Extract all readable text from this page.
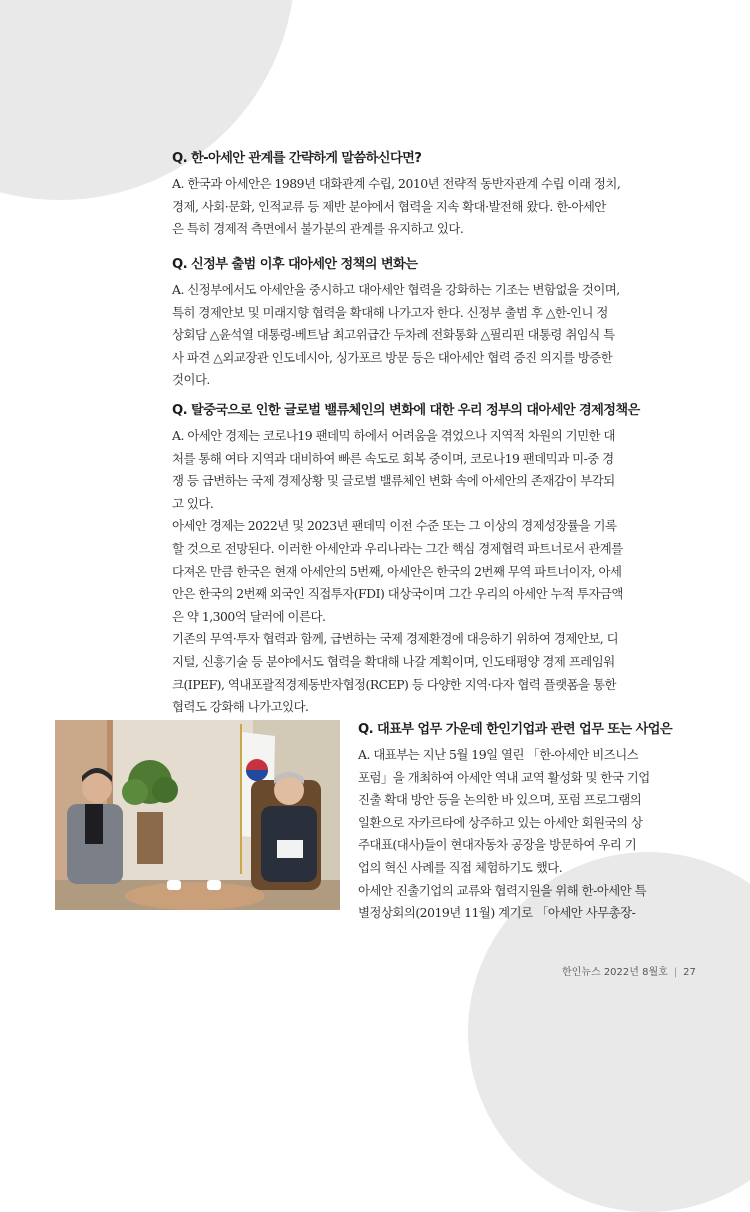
Q. 한-아세안 관계를 간략하게 말씀하신다면?

A. 한국과 아세안은 1989년 대화관계 수립, 2010년 전략적 동반자관계 수립 이래 정치,
경제, 사회·문화, 인적교류 등 제반 분야에서 협력을 지속 확대·발전해 왔다. 한-아세안
은 특히 경제적 측면에서 불가분의 관계를 유지하고 있다.

Q. 신정부 출범 이후 대아세안 정책의 변화는

A. 신정부에서도 아세안을 중시하고 대아세안 협력을 강화하는 기조는 변함없을 것이며,
특히 경제안보 및 미래지향 협력을 확대해 나가고자 한다. 신정부 출범 후 △한-인니 정
상회담 △윤석열 대통령-베트남 최고위급간 두차례 전화통화 △필리핀 대통령 취임식 특
사 파견 △외교장관 인도네시아, 싱가포르 방문 등은 대아세안 협력 증진 의지를 방증한
것이다.

Q. 탈중국으로 인한 글로벌 밸류체인의 변화에 대한 우리 정부의 대아세안 경제정책은

A. 아세안 경제는 코로나19 팬데믹 하에서 어려움을 겪었으나 지역적 차원의 기민한 대
처를 통해 여타 지역과 대비하여 빠른 속도로 회복 중이며, 코로나19 팬데믹과 미-중 경
쟁 등 급변하는 국제 경제상황 및 글로벌 밸류체인 변화 속에 아세안의 존재감이 부각되
고 있다.
아세안 경제는 2022년 및 2023년 팬데믹 이전 수준 또는 그 이상의 경제성장률을 기록
할 것으로 전망된다. 이러한 아세안과 우리나라는 그간 핵심 경제협력 파트너로서 관계를
다져온 만큼 한국은 현재 아세안의 5번째, 아세안은 한국의 2번째 무역 파트너이자, 아세
안은 한국의 2번째 외국인 직접투자(FDI) 대상국이며 그간 우리의 아세안 누적 투자금액
은 약 1,300억 달러에 이른다.
기존의 무역·투자 협력과 함께, 급변하는 국제 경제환경에 대응하기 위하여 경제안보, 디
지털, 신흥기술 등 분야에서도 협력을 확대해 나갈 계획이며, 인도태평양 경제 프레임워
크(IPEF), 역내포괄적경제동반자협정(RCEP) 등 다양한 지역·다자 협력 플랫폼을 통한
협력도 강화해 나가고있다.

Q. 대표부 업무 가운데 한인기업과 관련 업무 또는 사업은

A. 대표부는 지난 5월 19일 열린 「한-아세안 비즈니스
포럼」을 개최하여 아세안 역내 교역 활성화 및 한국 기업
진출 확대 방안 등을 논의한 바 있으며, 포럼 프로그램의
일환으로 자카르타에 상주하고 있는 아세안 회원국의 상
주대표(대사)들이 현대자동차 공장을 방문하여 우리 기
업의 혁신 사례를 직접 체험하기도 했다.
아세안 진출기업의 교류와 협력지원을 위해 한-아세안 특
별정상회의(2019년 11월) 계기로 「아세안 사무총장-

한인뉴스 2022년 8월호 | 27
